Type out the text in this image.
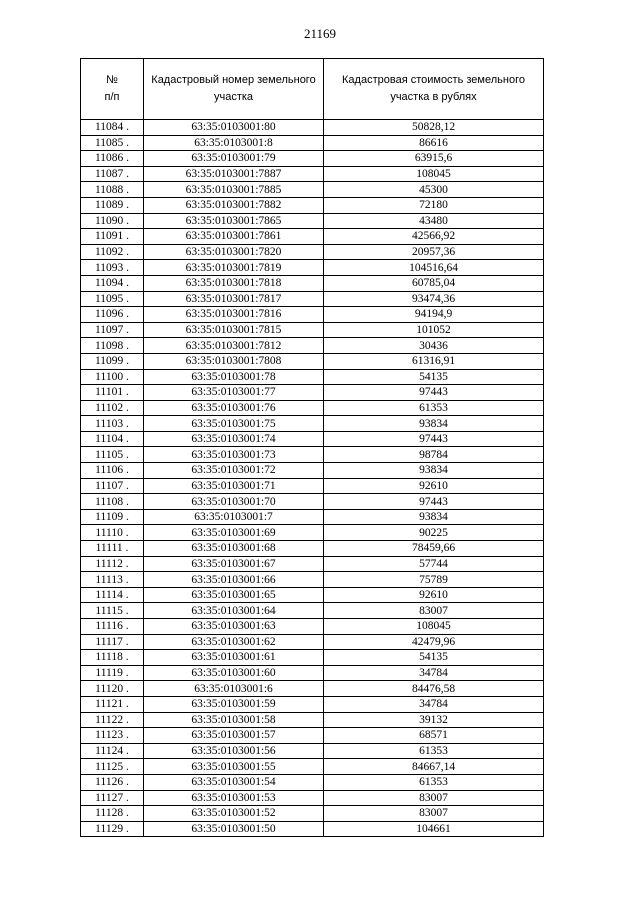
21169
№
п/п	Кадастровый номер земельного участка	Кадастровая стоимость земельного участка в рублях
11084 .	63:35:0103001:80	50828,12
11085 .	63:35:0103001:8	86616
11086 .	63:35:0103001:79	63915,6
11087 .	63:35:0103001:7887	108045
11088 .	63:35:0103001:7885	45300
11089 .	63:35:0103001:7882	72180
11090 .	63:35:0103001:7865	43480
11091 .	63:35:0103001:7861	42566,92
11092 .	63:35:0103001:7820	20957,36
11093 .	63:35:0103001:7819	104516,64
11094 .	63:35:0103001:7818	60785,04
11095 .	63:35:0103001:7817	93474,36
11096 .	63:35:0103001:7816	94194,9
11097 .	63:35:0103001:7815	101052
11098 .	63:35:0103001:7812	30436
11099 .	63:35:0103001:7808	61316,91
11100 .	63:35:0103001:78	54135
11101 .	63:35:0103001:77	97443
11102 .	63:35:0103001:76	61353
11103 .	63:35:0103001:75	93834
11104 .	63:35:0103001:74	97443
11105 .	63:35:0103001:73	98784
11106 .	63:35:0103001:72	93834
11107 .	63:35:0103001:71	92610
11108 .	63:35:0103001:70	97443
11109 .	63:35:0103001:7	93834
11110 .	63:35:0103001:69	90225
11111 .	63:35:0103001:68	78459,66
11112 .	63:35:0103001:67	57744
11113 .	63:35:0103001:66	75789
11114 .	63:35:0103001:65	92610
11115 .	63:35:0103001:64	83007
11116 .	63:35:0103001:63	108045
11117 .	63:35:0103001:62	42479,96
11118 .	63:35:0103001:61	54135
11119 .	63:35:0103001:60	34784
11120 .	63:35:0103001:6	84476,58
11121 .	63:35:0103001:59	34784
11122 .	63:35:0103001:58	39132
11123 .	63:35:0103001:57	68571
11124 .	63:35:0103001:56	61353
11125 .	63:35:0103001:55	84667,14
11126 .	63:35:0103001:54	61353
11127 .	63:35:0103001:53	83007
11128 .	63:35:0103001:52	83007
11129 .	63:35:0103001:50	104661
